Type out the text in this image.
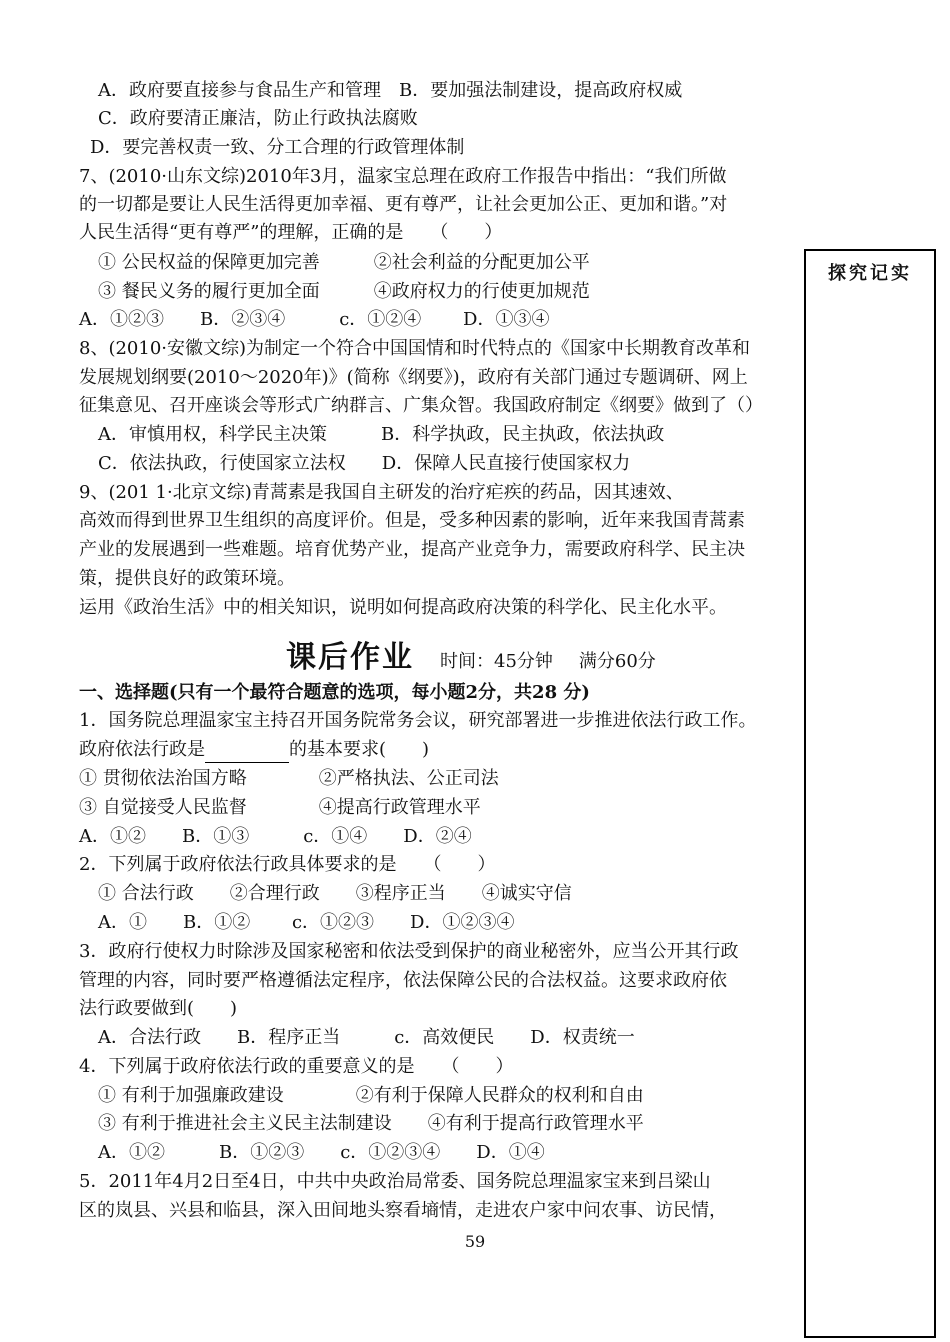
A．政府要直接参与食品生产和管理　B．要加强法制建设，提高政府权威
C．政府要清正廉洁，防止行政执法腐败
D．要完善权责一致、分工合理的行政管理体制
7、(2010·山东文综)2010年3月，温家宝总理在政府工作报告中指出：“我们所做
的一切都是要让人民生活得更加幸福、更有尊严，让社会更加公正、更加和谐。”对
人民生活得“更有尊严”的理解，正确的是　　（　　）
① 公民权益的保障更加完善　　　②社会利益的分配更加公平
③ 餐民义务的履行更加全面　　　④政府权力的行使更加规范
A．①②③　　B．②③④　　　c．①②④　　 D．①③④
8、(2010·安徽文综)为制定一个符合中国国情和时代特点的《国家中长期教育改革和
发展规划纲要(2010～2020年)》(简称《纲要》)，政府有关部门通过专题调研、网上
征集意见、召开座谈会等形式广纳群言、广集众智。我国政府制定《纲要》做到了（）
A．审慎用权，科学民主决策　　　B．科学执政，民主执政，依法执政
C．依法执政，行使国家立法权　　D．保障人民直接行使国家权力
9、(201 1·北京文综)青蒿素是我国自主研发的治疗疟疾的药品，因其速效、
高效而得到世界卫生组织的高度评价。但是，受多种因素的影响，近年来我国青蒿素
产业的发展遇到一些难题。培育优势产业，提高产业竞争力，需要政府科学、民主决
策，提供良好的政策环境。
运用《政治生活》中的相关知识，说明如何提高政府决策的科学化、民主化水平。
课后作业 时间：45分钟 满分60分
一、选择题(只有一个最符合题意的选项，每小题2分，共28 分)
1．国务院总理温家宝主持召开国务院常务会议，研究部署进一步推进依法行政工作。
政府依法行政是	的基本要求(　　)
① 贯彻依法治国方略　　　　②严格执法、公正司法
③ 自觉接受人民监督　　　　④提高行政管理水平
A．①②　　B．①③　　　c．①④　　D．②④
2．下列属于政府依法行政具体要求的是　　（　　）
① 合法行政　　②合理行政　　③程序正当　　④诚实守信
A．①　　B．①②　　 c．①②③　　D．①②③④
3．政府行使权力时除涉及国家秘密和依法受到保护的商业秘密外，应当公开其行政
管理的内容，同时要严格遵循法定程序，依法保障公民的合法权益。这要求政府依
法行政要做到(　　)
A．合法行政　　B．程序正当　　　c．高效便民　　D．权责统一
4．下列属于政府依法行政的重要意义的是　　（　　）
① 有利于加强廉政建设　　　　②有利于保障人民群众的权利和自由
③ 有利于推进社会主义民主法制建设　　④有利于提高行政管理水平
A．①②　　　B．①②③　　c．①②③④　　D．①④
5．2011年4月2日至4日，中共中央政治局常委、国务院总理温家宝来到吕梁山
区的岚县、兴县和临县，深入田间地头察看墒情，走进农户家中问农事、访民情，
探究记实
59
